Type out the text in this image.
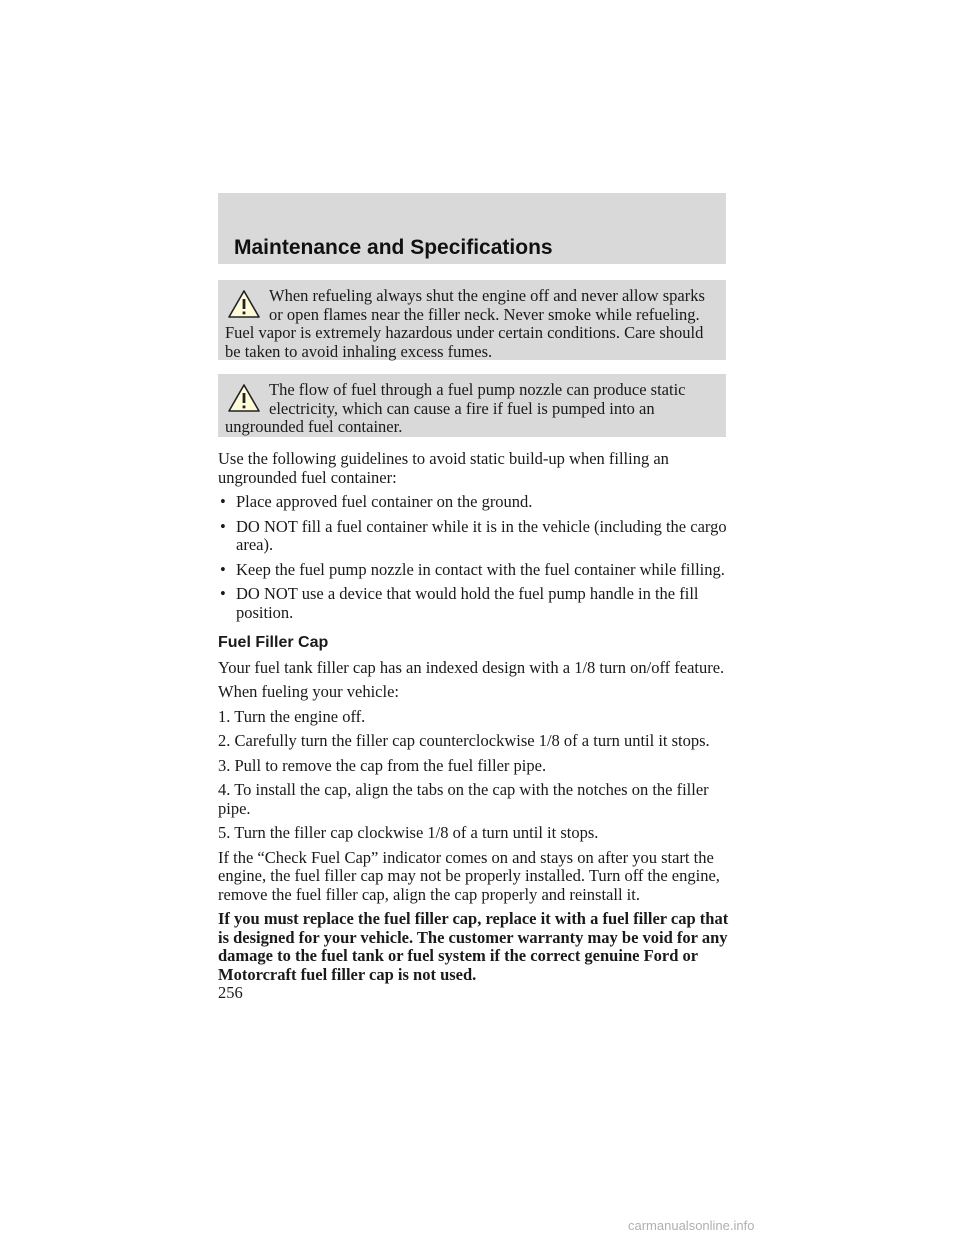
Maintenance and Specifications
When refueling always shut the engine off and never allow sparks or open flames near the filler neck. Never smoke while refueling. Fuel vapor is extremely hazardous under certain conditions. Care should be taken to avoid inhaling excess fumes.
The flow of fuel through a fuel pump nozzle can produce static electricity, which can cause a fire if fuel is pumped into an ungrounded fuel container.

Use the following guidelines to avoid static build-up when filling an ungrounded fuel container:

• Place approved fuel container on the ground.
• DO NOT fill a fuel container while it is in the vehicle (including the cargo area).
• Keep the fuel pump nozzle in contact with the fuel container while filling.
• DO NOT use a device that would hold the fuel pump handle in the fill position.
Fuel Filler Cap

Your fuel tank filler cap has an indexed design with a 1/8 turn on/off feature.

When fueling your vehicle:

1. Turn the engine off.

2. Carefully turn the filler cap counterclockwise 1/8 of a turn until it stops.

3. Pull to remove the cap from the fuel filler pipe.

4. To install the cap, align the tabs on the cap with the notches on the filler pipe.

5. Turn the filler cap clockwise 1/8 of a turn until it stops.

If the “Check Fuel Cap” indicator comes on and stays on after you start the engine, the fuel filler cap may not be properly installed. Turn off the engine, remove the fuel filler cap, align the cap properly and reinstall it.

If you must replace the fuel filler cap, replace it with a fuel filler cap that is designed for your vehicle. The customer warranty may be void for any damage to the fuel tank or fuel system if the correct genuine Ford or Motorcraft fuel filler cap is not used.

256
carmanualsonline.info
